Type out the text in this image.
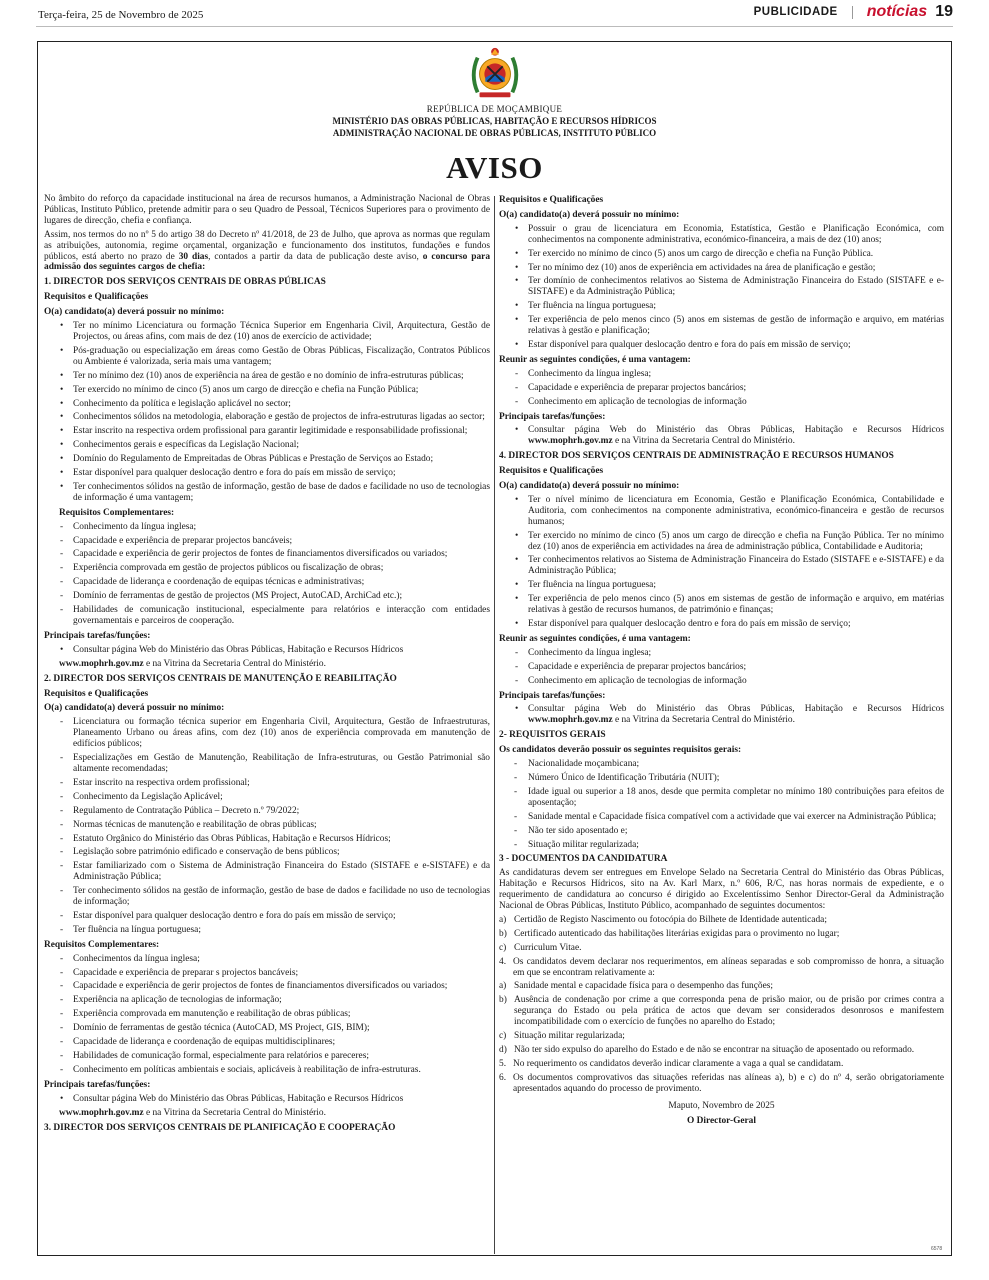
Terça-feira, 25 de Novembro de 2025	PUBLICIDADE notícias 19
REPÚBLICA DE MOÇAMBIQUE
MINISTÉRIO DAS OBRAS PÚBLICAS, HABITAÇÃO E RECURSOS HÍDRICOS
ADMINISTRAÇÃO NACIONAL DE OBRAS PÚBLICAS, INSTITUTO PÚBLICO
AVISO

No âmbito do reforço da capacidade institucional na área de recursos humanos, a Administração Nacional de Obras Públicas, Instituto Público, pretende admitir para o seu Quadro de Pessoal, Técnicos Superiores para o provimento de lugares de direcção, chefia e confiança.

Assim, nos termos do no nº 5 do artigo 38 do Decreto nº 41/2018, de 23 de Julho, que aprova as normas que regulam as atribuições, autonomia, regime orçamental, organização e funcionamento dos institutos, fundações e fundos públicos, está aberto no prazo de 30 dias, contados a partir da data de publicação deste aviso, o concurso para admissão dos seguintes cargos de chefia:

1. DIRECTOR DOS SERVIÇOS CENTRAIS DE OBRAS PÚBLICAS
Requisitos e Qualificações
O(a) candidato(a) deverá possuir no mínimo:
• Ter no mínimo Licenciatura ou formação Técnica Superior em Engenharia Civil, Arquitectura, Gestão de Projectos, ou áreas afins, com mais de dez (10) anos de exercício de actividade;
• Pós-graduação ou especialização em áreas como Gestão de Obras Públicas, Fiscalização, Contratos Públicos ou Ambiente é valorizada, seria mais uma vantagem;
• Ter no mínimo dez (10) anos de experiência na área de gestão e no domínio de infra-estruturas públicas;
• Ter exercido no mínimo de cinco (5) anos um cargo de direcção e chefia na Função Pública;
• Conhecimento da política e legislação aplicável no sector;
• Conhecimentos sólidos na metodologia, elaboração e gestão de projectos de infra-estruturas ligadas ao sector;
• Estar inscrito na respectiva ordem profissional para garantir legitimidade e responsabilidade profissional;
• Conhecimentos gerais e específicas da Legislação Nacional;
• Domínio do Regulamento de Empreitadas de Obras Públicas e Prestação de Serviços ao Estado;
• Estar disponível para qualquer deslocação dentro e fora do país em missão de serviço;
• Ter conhecimentos sólidos na gestão de informação, gestão de base de dados e facilidade no uso de tecnologias de informação é uma vantagem;
Requisitos Complementares:
- Conhecimento da língua inglesa;
- Capacidade e experiência de preparar projectos bancáveis;
- Capacidade e experiência de gerir projectos de fontes de financiamentos diversificados ou variados;
- Experiência comprovada em gestão de projectos públicos ou fiscalização de obras;
- Capacidade de liderança e coordenação de equipas técnicas e administrativas;
- Domínio de ferramentas de gestão de projectos (MS Project, AutoCAD, ArchiCad etc.);
- Habilidades de comunicação institucional, especialmente para relatórios e interacção com entidades governamentais e parceiros de cooperação.
Principais tarefas/funções:
• Consultar página Web do Ministério das Obras Públicas, Habitação e Recursos Hídricos

www.mophrh.gov.mz e na Vitrina da Secretaria Central do Ministério.

2. DIRECTOR DOS SERVIÇOS CENTRAIS DE MANUTENÇÃO E REABILITAÇÃO
Requisitos e Qualificações
O(a) candidato(a) deverá possuir no mínimo:
- Licenciatura ou formação técnica superior em Engenharia Civil, Arquitectura, Gestão de Infraestruturas, Planeamento Urbano ou áreas afins, com dez (10) anos de experiência comprovada em manutenção de edifícios públicos;
- Especializações em Gestão de Manutenção, Reabilitação de Infra-estruturas, ou Gestão Patrimonial são altamente recomendadas;
- Estar inscrito na respectiva ordem profissional;
- Conhecimento da Legislação Aplicável;
- Regulamento de Contratação Pública – Decreto n.º 79/2022;
- Normas técnicas de manutenção e reabilitação de obras públicas;
- Estatuto Orgânico do Ministério das Obras Públicas, Habitação e Recursos Hídricos;
- Legislação sobre património edificado e conservação de bens públicos;
- Estar familiarizado com o Sistema de Administração Financeira do Estado (SISTAFE e e-SISTAFE) e da Administração Pública;
- Ter conhecimento sólidos na gestão de informação, gestão de base de dados e facilidade no uso de tecnologias de informação;
- Estar disponível para qualquer deslocação dentro e fora do país em missão de serviço;
- Ter fluência na língua portuguesa;
Requisitos Complementares:
- Conhecimentos da língua inglesa;
- Capacidade e experiência de preparar s projectos bancáveis;
- Capacidade e experiência de gerir projectos de fontes de financiamentos diversificados ou variados;
- Experiência na aplicação de tecnologias de informação;
- Experiência comprovada em manutenção e reabilitação de obras públicas;
- Domínio de ferramentas de gestão técnica (AutoCAD, MS Project, GIS, BIM);
- Capacidade de liderança e coordenação de equipas multidisciplinares;
- Habilidades de comunicação formal, especialmente para relatórios e pareceres;
- Conhecimento em políticas ambientais e sociais, aplicáveis à reabilitação de infra-estruturas.
Principais tarefas/funções:
• Consultar página Web do Ministério das Obras Públicas, Habitação e Recursos Hídricos

www.mophrh.gov.mz e na Vitrina da Secretaria Central do Ministério.

3. DIRECTOR DOS SERVIÇOS CENTRAIS DE PLANIFICAÇÃO E COOPERAÇÃO
Requisitos e Qualificações
O(a) candidato(a) deverá possuir no mínimo:
• Possuir o grau de licenciatura em Economia, Estatística, Gestão e Planificação Económica, com conhecimentos na componente administrativa, económico-financeira, a mais de dez (10) anos;
• Ter exercido no mínimo de cinco (5) anos um cargo de direcção e chefia na Função Pública.
• Ter no mínimo dez (10) anos de experiência em actividades na área de planificação e gestão;
• Ter domínio de conhecimentos relativos ao Sistema de Administração Financeira do Estado (SISTAFE e e-SISTAFE) e da Administração Pública;
• Ter fluência na língua portuguesa;
• Ter experiência de pelo menos cinco (5) anos em sistemas de gestão de informação e arquivo, em matérias relativas à gestão e planificação;
• Estar disponível para qualquer deslocação dentro e fora do país em missão de serviço;
Reunir as seguintes condições, é uma vantagem:
- Conhecimento da língua inglesa;
- Capacidade e experiência de preparar projectos bancários;
- Conhecimento em aplicação de tecnologias de informação
Principais tarefas/funções:
• Consultar página Web do Ministério das Obras Públicas, Habitação e Recursos Hídricos www.mophrh.gov.mz e na Vitrina da Secretaria Central do Ministério.
4. DIRECTOR DOS SERVIÇOS CENTRAIS DE ADMINISTRAÇÃO E RECURSOS HUMANOS
Requisitos e Qualificações
O(a) candidato(a) deverá possuir no mínimo:
• Ter o nível mínimo de licenciatura em Economia, Gestão e Planificação Económica, Contabilidade e Auditoria, com conhecimentos na componente administrativa, económico-financeira e gestão de recursos humanos;
• Ter exercido no mínimo de cinco (5) anos um cargo de direcção e chefia na Função Pública. Ter no mínimo dez (10) anos de experiência em actividades na área de administração pública, Contabilidade e Auditoria;
• Ter conhecimentos relativos ao Sistema de Administração Financeira do Estado (SISTAFE e e-SISTAFE) e da Administração Pública;
• Ter fluência na língua portuguesa;
• Ter experiência de pelo menos cinco (5) anos em sistemas de gestão de informação e arquivo, em matérias relativas à gestão de recursos humanos, de património e finanças;
• Estar disponível para qualquer deslocação dentro e fora do país em missão de serviço;
Reunir as seguintes condições, é uma vantagem:
- Conhecimento da língua inglesa;
- Capacidade e experiência de preparar projectos bancários;
- Conhecimento em aplicação de tecnologias de informação
Principais tarefas/funções:
• Consultar página Web do Ministério das Obras Públicas, Habitação e Recursos Hídricos www.mophrh.gov.mz e na Vitrina da Secretaria Central do Ministério.
2- REQUISITOS GERAIS
Os candidatos deverão possuir os seguintes requisitos gerais:
- Nacionalidade moçambicana;
- Número Único de Identificação Tributária (NUIT);
- Idade igual ou superior a 18 anos, desde que permita completar no mínimo 180 contribuições para efeitos de aposentação;
- Sanidade mental e Capacidade física compatível com a actividade que vai exercer na Administração Pública;
- Não ter sido aposentado e;
- Situação militar regularizada;
3 - DOCUMENTOS DA CANDIDATURA

As candidaturas devem ser entregues em Envelope Selado na Secretaria Central do Ministério das Obras Públicas, Habitação e Recursos Hídricos, sito na Av. Karl Marx, n.º 606, R/C, nas horas normais de expediente, e o requerimento de candidatura ao concurso é dirigido ao Excelentíssimo Senhor Director-Geral da Administração Nacional de Obras Públicas, Instituto Público, acompanhado de seguintes documentos:

a) Certidão de Registo Nascimento ou fotocópia do Bilhete de Identidade autenticada;
b) Certificado autenticado das habilitações literárias exigidas para o provimento no lugar;
c) Curriculum Vitae.
4. Os candidatos devem declarar nos requerimentos, em alíneas separadas e sob compromisso de honra, a situação em que se encontram relativamente a:
a) Sanidade mental e capacidade física para o desempenho das funções;
b) Ausência de condenação por crime a que corresponda pena de prisão maior, ou de prisão por crimes contra a segurança do Estado ou pela prática de actos que devam ser considerados desonrosos e manifestem incompatibilidade com o exercício de funções no aparelho do Estado;
c) Situação militar regularizada;
d) Não ter sido expulso do aparelho do Estado e de não se encontrar na situação de aposentado ou reformado.
5. No requerimento os candidatos deverão indicar claramente a vaga a qual se candidatam.
6. Os documentos comprovativos das situações referidas nas alíneas a), b) e c) do nº 4, serão obrigatoriamente apresentados aquando do processo de provimento.

Maputo, Novembro de 2025

O Director-Geral

6578
